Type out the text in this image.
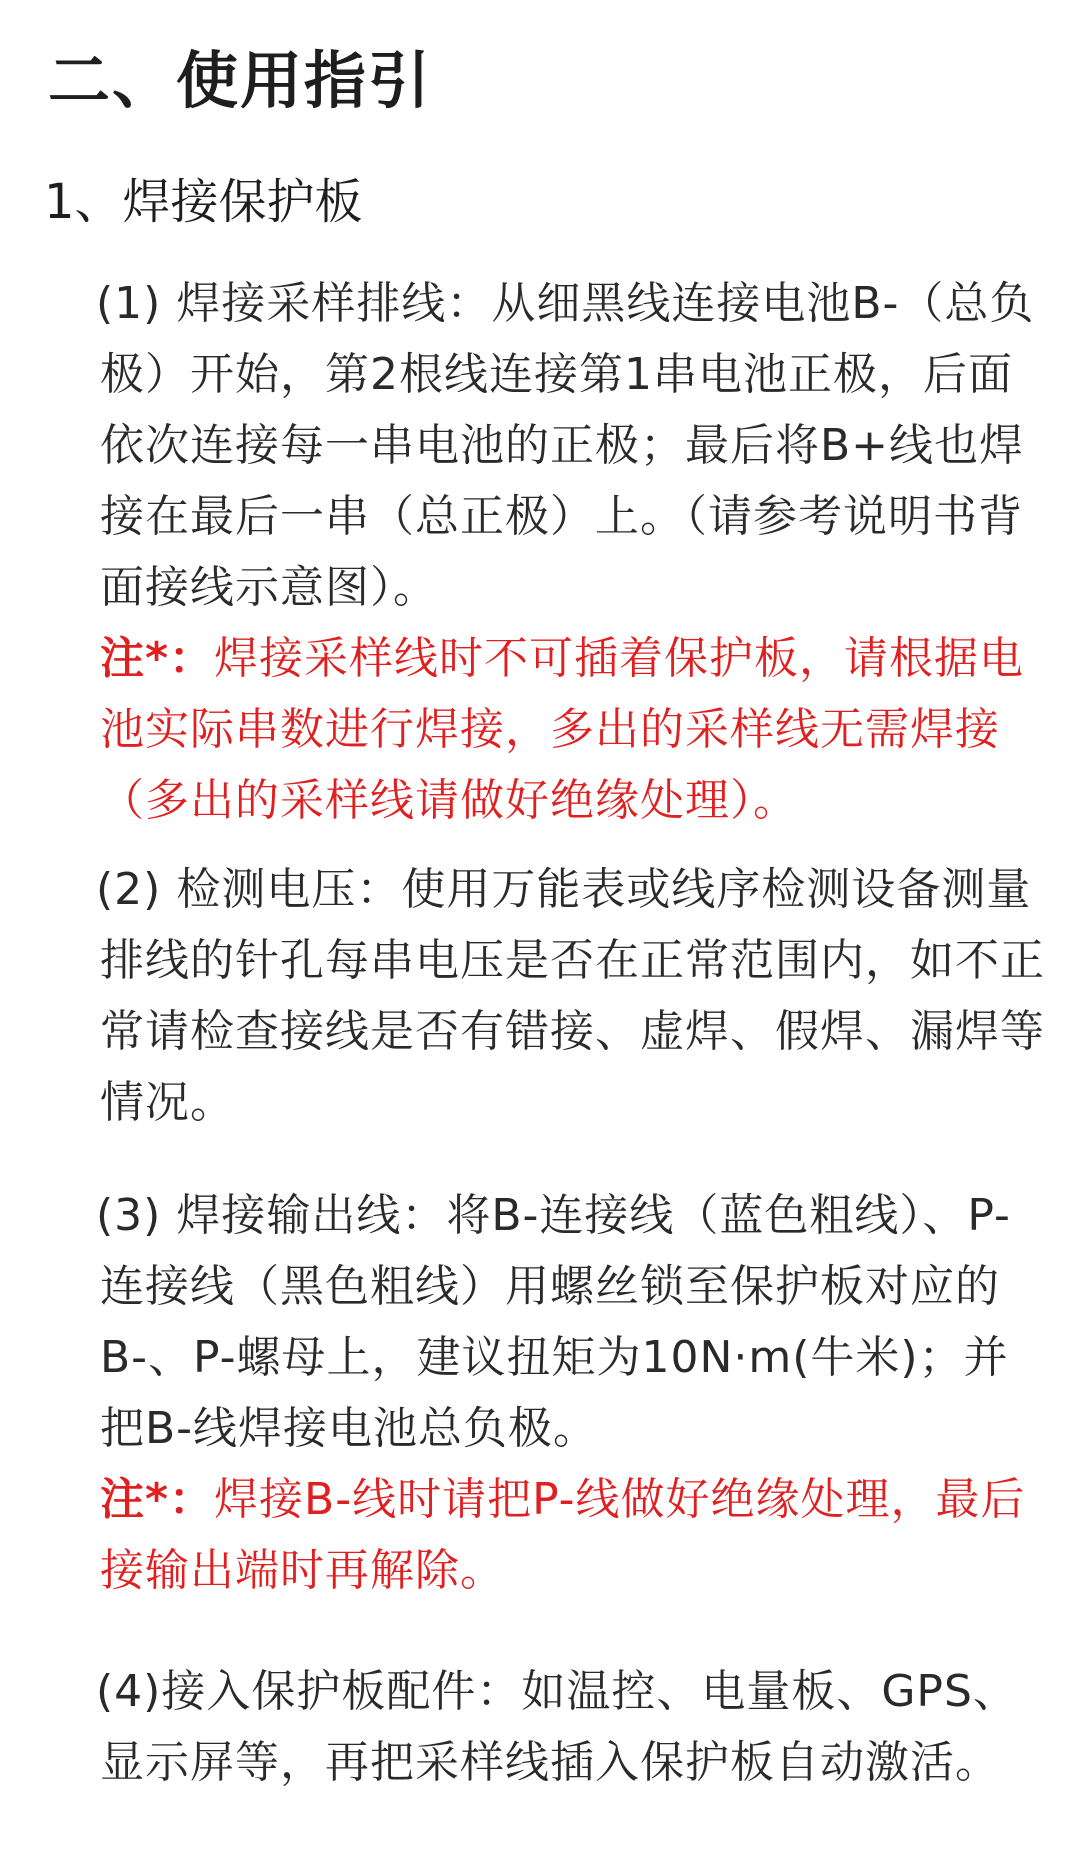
二、使用指引
1、焊接保护板
(1) 焊接采样排线：从细黑线连接电池B-（总负极）开始，第2根线连接第1串电池正极，后面依次连接每一串电池的正极；最后将B+线也焊接在最后一串（总正极）上。（请参考说明书背面接线示意图）。
注*：焊接采样线时不可插着保护板，请根据电池实际串数进行焊接，多出的采样线无需焊接（多出的采样线请做好绝缘处理）。
(2) 检测电压：使用万能表或线序检测设备测量排线的针孔每串电压是否在正常范围内，如不正常请检查接线是否有错接、虚焊、假焊、漏焊等情况。
(3) 焊接输出线：将B-连接线（蓝色粗线）、P-连接线（黑色粗线）用螺丝锁至保护板对应的B-、P-螺母上，建议扭矩为10N·m(牛米)；并把B-线焊接电池总负极。
注*：焊接B-线时请把P-线做好绝缘处理，最后接输出端时再解除。
(4)接入保护板配件：如温控、电量板、GPS、显示屏等，再把采样线插入保护板自动激活。
